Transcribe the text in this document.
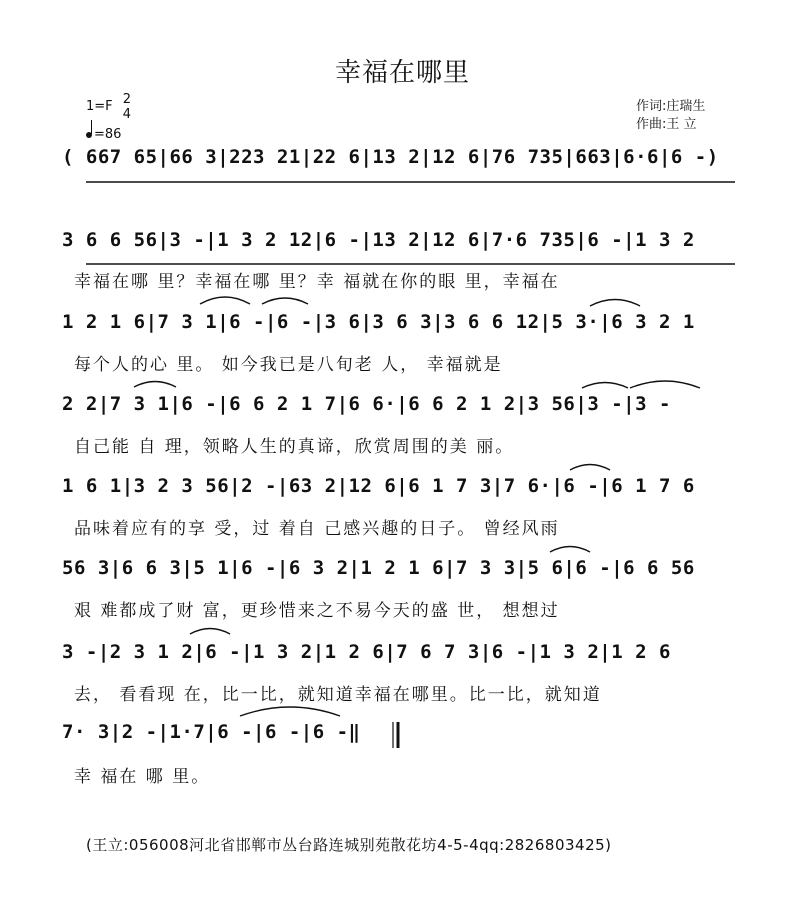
幸福在哪里
1=F 2
4
=86
作词:庄瑞生
作曲:王 立
( 667 65|66 3|223 21|22 6|13 2|12 6|76 735|663|6·6|6 -)
3 6 6 56|3 -|1 3 2 12|6 -|13 2|12 6|7·6 735|6 -|1 3 2
幸福在哪 里？幸福在哪 里？幸 福就在你的眼 里，幸福在
1 2 1 6|7 3 1|6 -|6 -|3 6|3 6 3|3 6 6 12|5 3·|6 3 2 1
每个人的心 里。 如今我已是八旬老 人， 幸福就是
2 2|7 3 1|6 -|6 6 2 1 7|6 6·|6 6 2 1 2|3 56|3 -|3 -
自己能 自 理，领略人生的真谛，欣赏周围的美 丽。
1 6 1|3 2 3 56|2 -|63 2|12 6|6 1 7 3|7 6·|6 -|6 1 7 6
品味着应有的享 受，过 着自 己感兴趣的日子。 曾经风雨
56 3|6 6 3|5 1|6 -|6 3 2|1 2 1 6|7 3 3|5 6|6 -|6 6 56
艰 难都成了财 富，更珍惜来之不易今天的盛 世， 想想过
3 -|2 3 1 2|6 -|1 3 2|1 2 6|7 6 7 3|6 -|1 3 2|1 2 6
去， 看看现 在，比一比，就知道幸福在哪里。比一比，就知道
7· 3|2 -|1·7|6 -|6 -|6 -‖
幸 福在 哪 里。
(王立:056008河北省邯郸市丛台路连城别苑散花坊4-5-4qq:2826803425)
